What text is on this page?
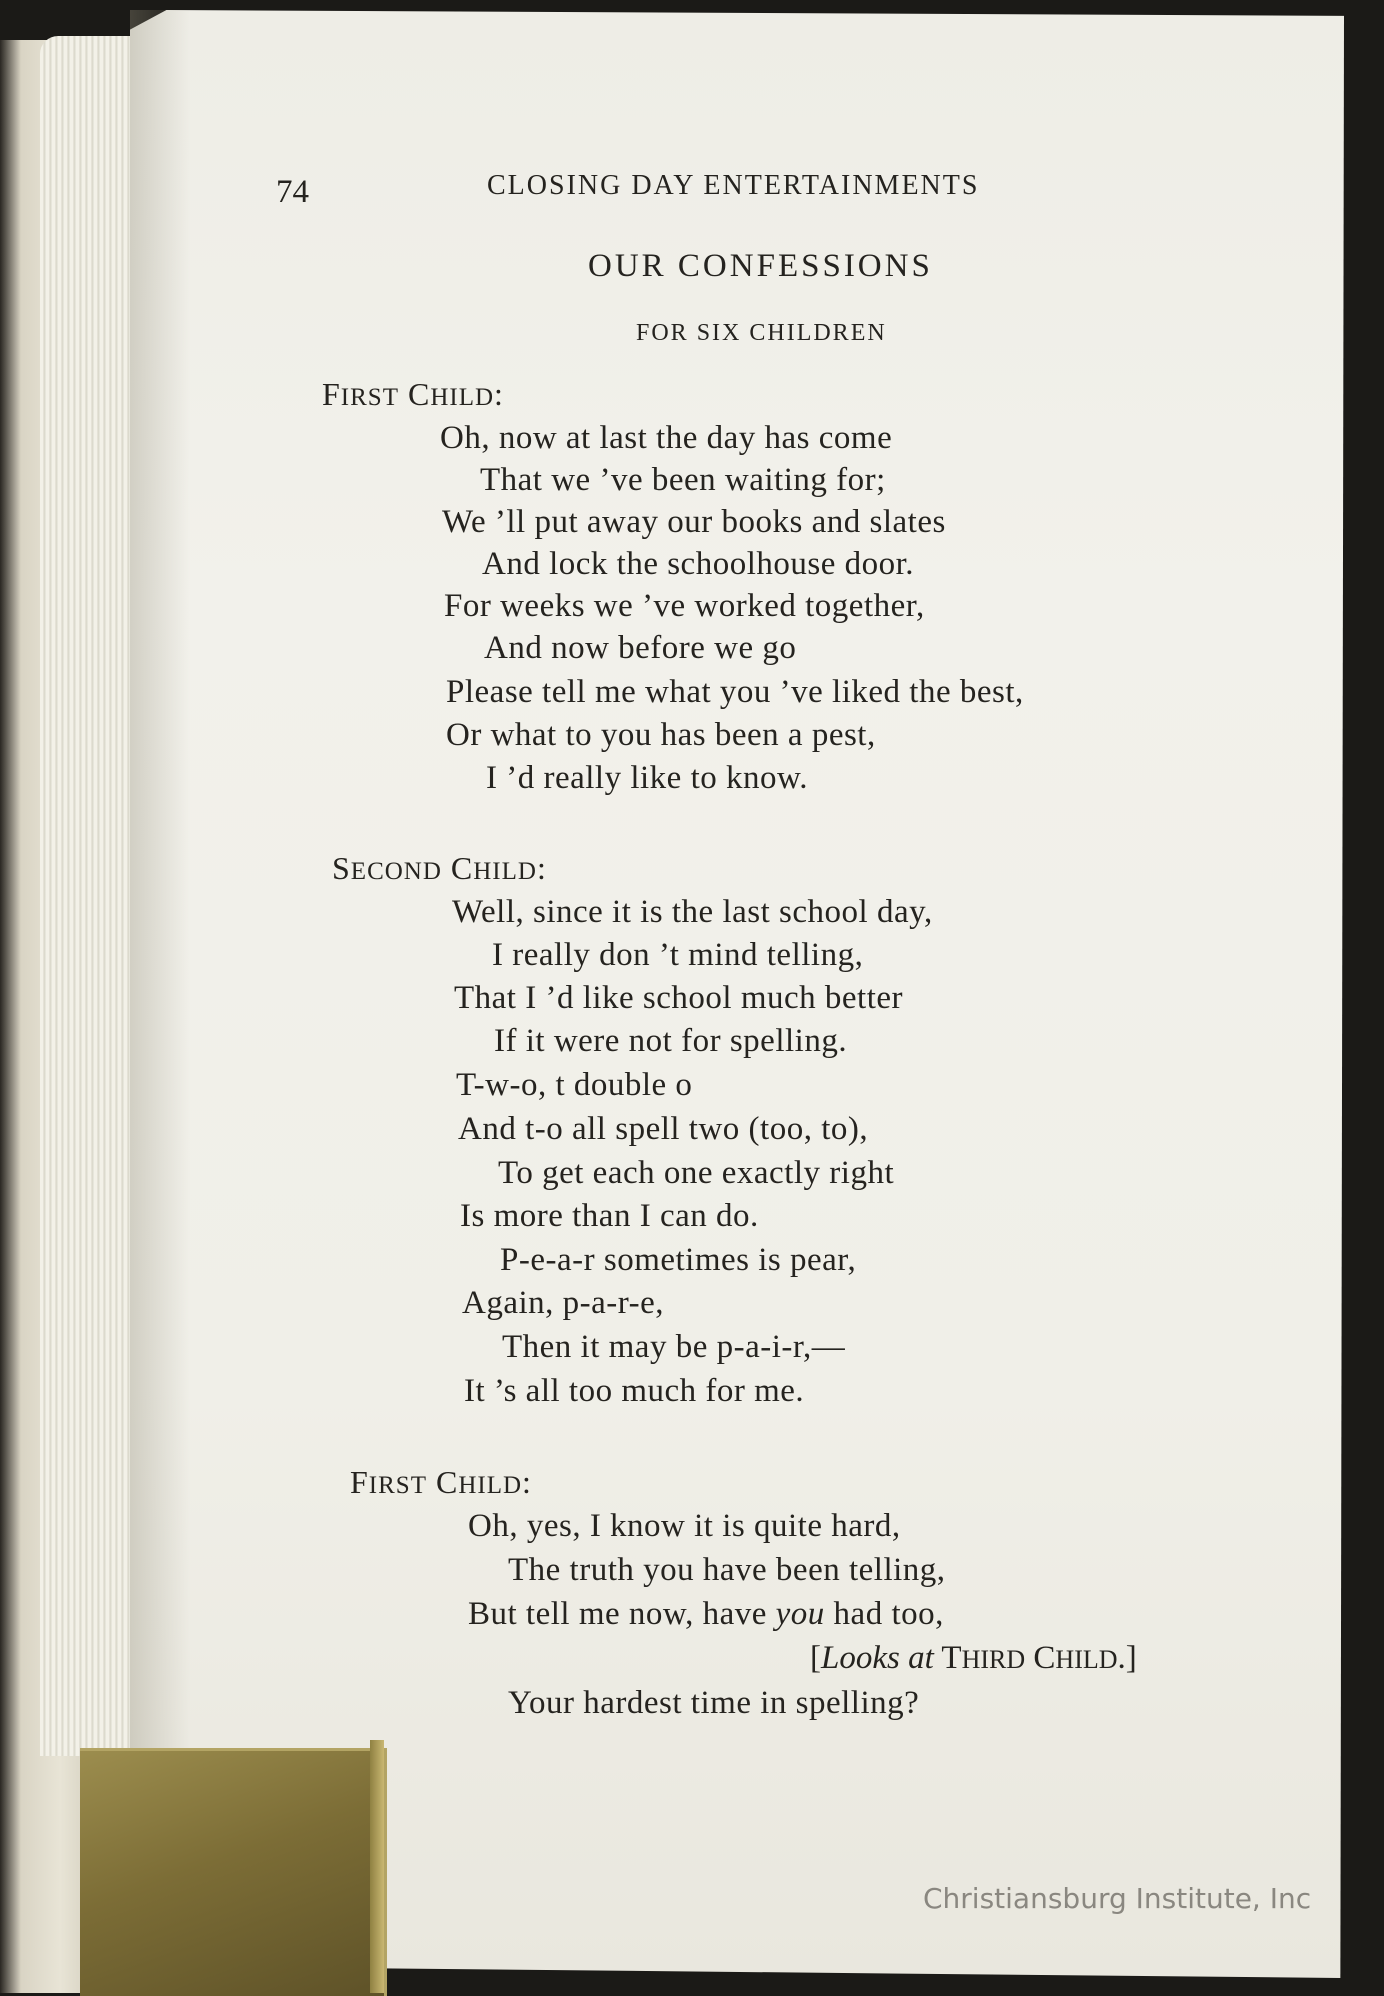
74	CLOSING DAY ENTERTAINMENTS
OUR CONFESSIONS
FOR SIX CHILDREN
FIRST CHILD:
Oh, now at last the day has come
That we ’ve been waiting for;
We ’ll put away our books and slates
And lock the schoolhouse door.
For weeks we ’ve worked together,
And now before we go
Please tell me what you ’ve liked the best,
Or what to you has been a pest,
I ’d really like to know.
SECOND CHILD:
Well, since it is the last school day,
I really don ’t mind telling,
That I ’d like school much better
If it were not for spelling.
T-w-o, t double o
And t-o all spell two (too, to),
To get each one exactly right
Is more than I can do.
P-e-a-r sometimes is pear,
Again, p-a-r-e,
Then it may be p-a-i-r,—
It ’s all too much for me.
FIRST CHILD:
Oh, yes, I know it is quite hard,
The truth you have been telling,
But tell me now, have you had too,
[Looks at THIRD CHILD.]
Your hardest time in spelling?
Christiansburg Institute, Inc
